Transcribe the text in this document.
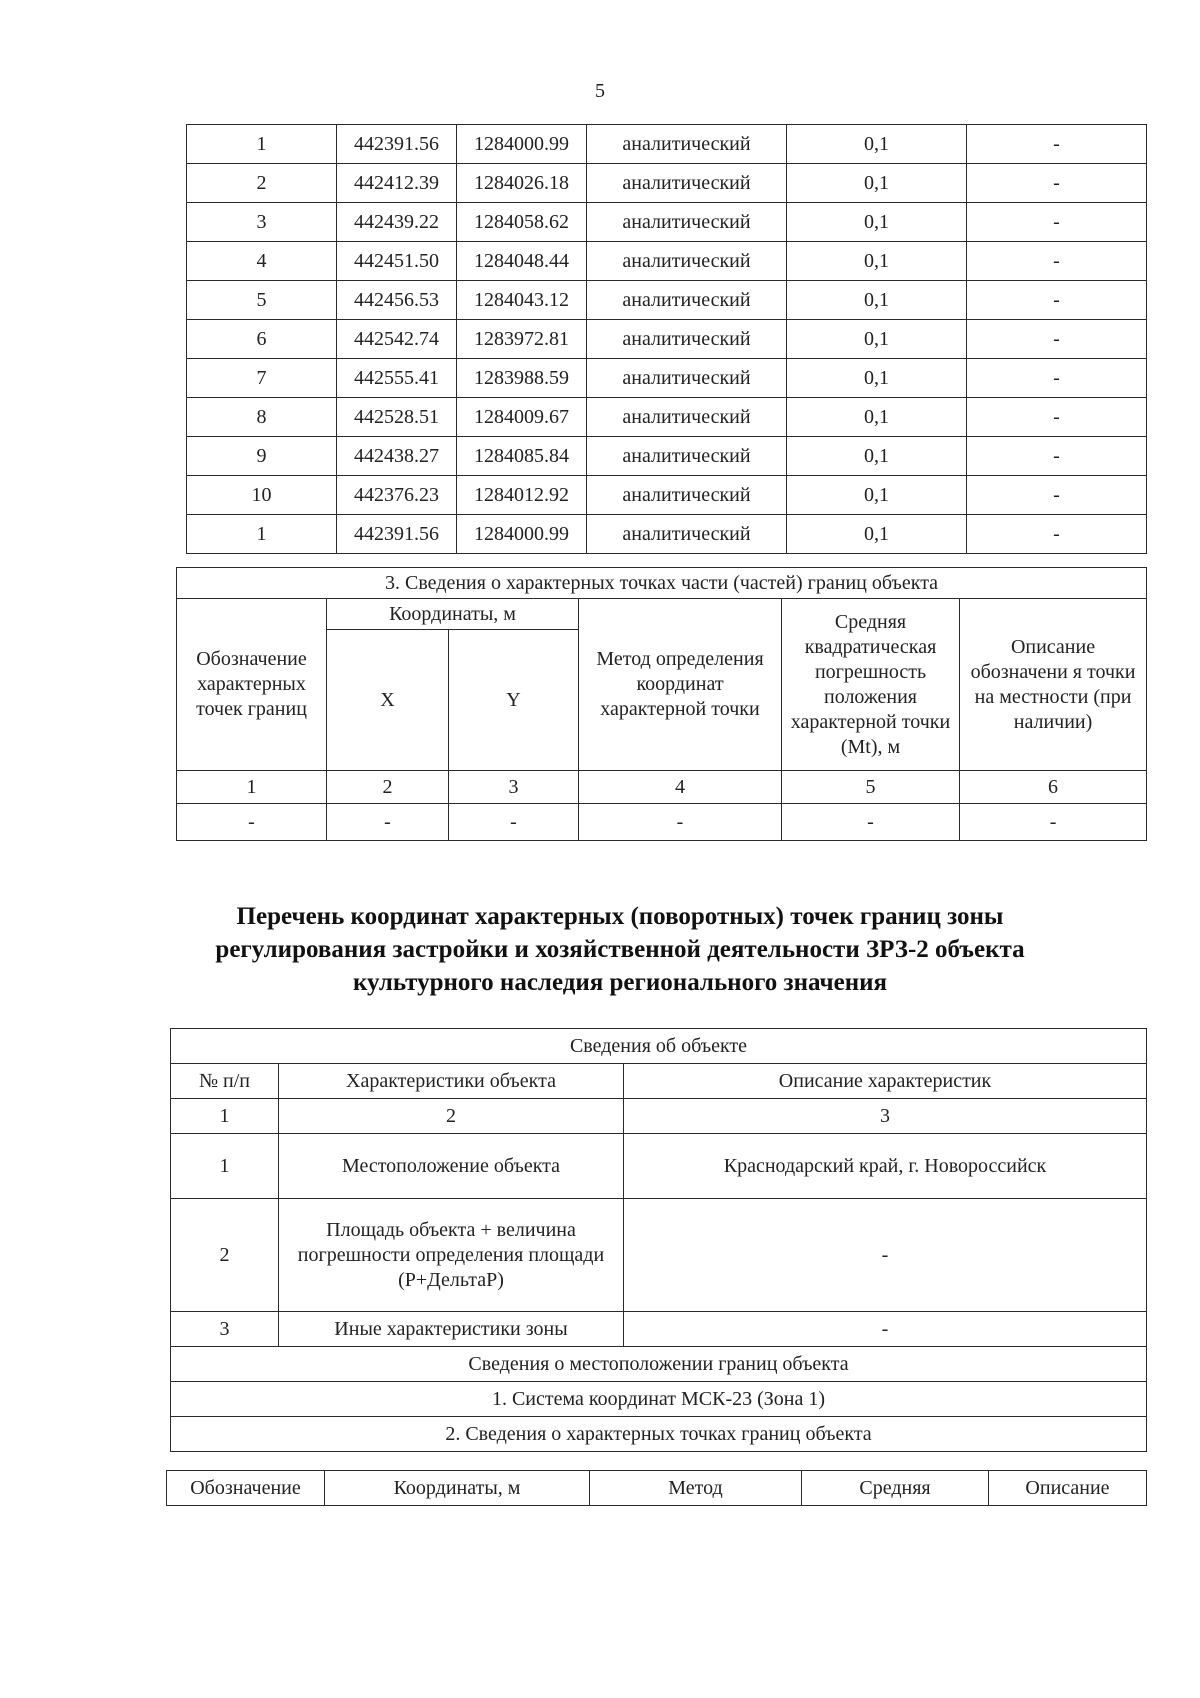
5
1	442391.56	1284000.99	аналитический	0,1	-
2	442412.39	1284026.18	аналитический	0,1	-
3	442439.22	1284058.62	аналитический	0,1	-
4	442451.50	1284048.44	аналитический	0,1	-
5	442456.53	1284043.12	аналитический	0,1	-
6	442542.74	1283972.81	аналитический	0,1	-
7	442555.41	1283988.59	аналитический	0,1	-
8	442528.51	1284009.67	аналитический	0,1	-
9	442438.27	1284085.84	аналитический	0,1	-
10	442376.23	1284012.92	аналитический	0,1	-
1	442391.56	1284000.99	аналитический	0,1	-
3. Сведения о характерных точках части (частей) границ объекта					
Обозначение характерных точек границ	Координаты, м		Метод определения координат характерной точки	Средняя квадратическая погрешность положения характерной точки (Mt), м	Описание обозначени я точки на местности (при наличии)
	X	Y			
1	2	3	4	5	6
-	-	-	-	-	-
Перечень координат характерных (поворотных) точек границ зоны
регулирования застройки и хозяйственной деятельности ЗРЗ-2 объекта
культурного наследия регионального значения
Сведения об объекте		
№ п/п	Характеристики объекта	Описание характеристик
1	2	3
1	Местоположение объекта	Краснодарский край, г. Новороссийск
2	Площадь объекта + величина погрешности определения площади (Р+ДельтаР)	-
3	Иные характеристики зоны	-
Сведения о местоположении границ объекта		
1. Система координат МСК-23 (Зона 1)		
2. Сведения о характерных точках границ объекта		
Обозначение	Координаты, м	Метод	Средняя	Описание
